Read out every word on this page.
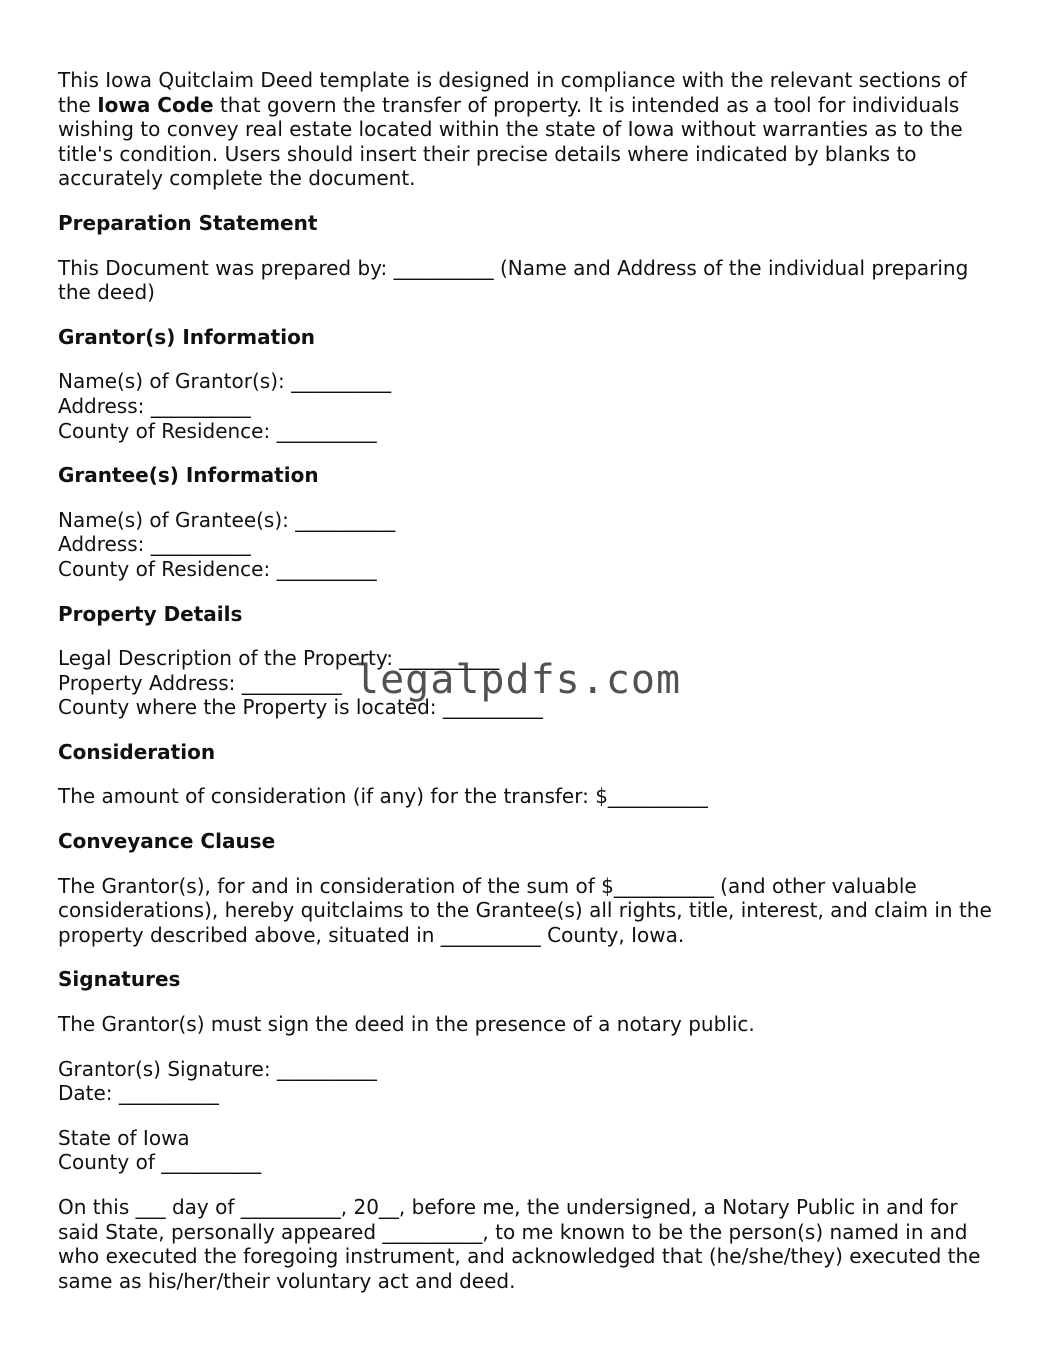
This Iowa Quitclaim Deed template is designed in compliance with the relevant sections of the Iowa Code that govern the transfer of property. It is intended as a tool for individuals wishing to convey real estate located within the state of Iowa without warranties as to the title's condition. Users should insert their precise details where indicated by blanks to accurately complete the document.

Preparation Statement

This Document was prepared by: __________ (Name and Address of the individual preparing the deed)

Grantor(s) Information

Name(s) of Grantor(s): __________
Address: __________
County of Residence: __________

Grantee(s) Information

Name(s) of Grantee(s): __________
Address: __________
County of Residence: __________

Property Details

Legal Description of the Property: __________
Property Address: __________
County where the Property is located: __________

Consideration

The amount of consideration (if any) for the transfer: $__________

Conveyance Clause

The Grantor(s), for and in consideration of the sum of $__________ (and other valuable considerations), hereby quitclaims to the Grantee(s) all rights, title, interest, and claim in the property described above, situated in __________ County, Iowa.

Signatures

The Grantor(s) must sign the deed in the presence of a notary public.

Grantor(s) Signature: __________
Date: __________
State of Iowa
County of __________

On this ___ day of __________, 20__, before me, the undersigned, a Notary Public in and for said State, personally appeared __________, to me known to be the person(s) named in and who executed the foregoing instrument, and acknowledged that (he/she/they) executed the same as his/her/their voluntary act and deed.

legalpdfs.com
